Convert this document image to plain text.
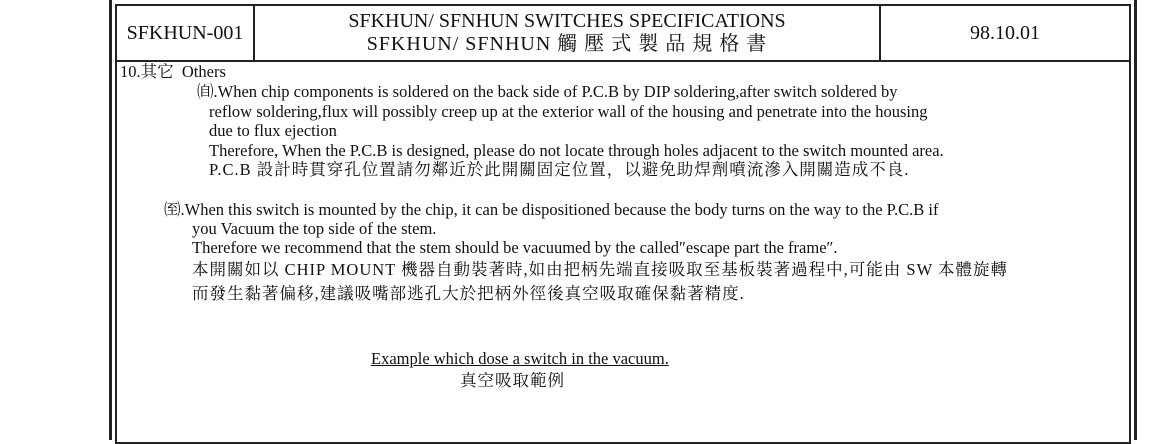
SFKHUN-001
SFKHUN/ SFNHUN SWITCHES SPECIFICATIONS
SFKHUN/ SFNHUN 觸 壓 式 製 品 規 格 書
98.10.01
10.其它 Others
㉂.When chip components is soldered on the back side of P.C.B by DIP soldering,after switch soldered by
reflow soldering,flux will possibly creep up at the exterior wall of the housing and penetrate into the housing
due to flux ejection
Therefore, When the P.C.B is designed, please do not locate through holes adjacent to the switch mounted area.
P.C.B 設計時貫穿孔位置請勿鄰近於此開關固定位置，以避免助焊劑噴流滲入開關造成不良.
㉃.When this switch is mounted by the chip, it can be dispositioned because the body turns on the way to the P.C.B if
you Vacuum the top side of the stem.
Therefore we recommend that the stem should be vacuumed by the called″escape part the frame″.
本開關如以 CHIP MOUNT 機器自動裝著時,如由把柄先端直接吸取至基板裝著過程中,可能由 SW 本體旋轉
而發生黏著偏移,建議吸嘴部逃孔大於把柄外徑後真空吸取確保黏著精度.
Example which dose a switch in the vacuum.
真空吸取範例
